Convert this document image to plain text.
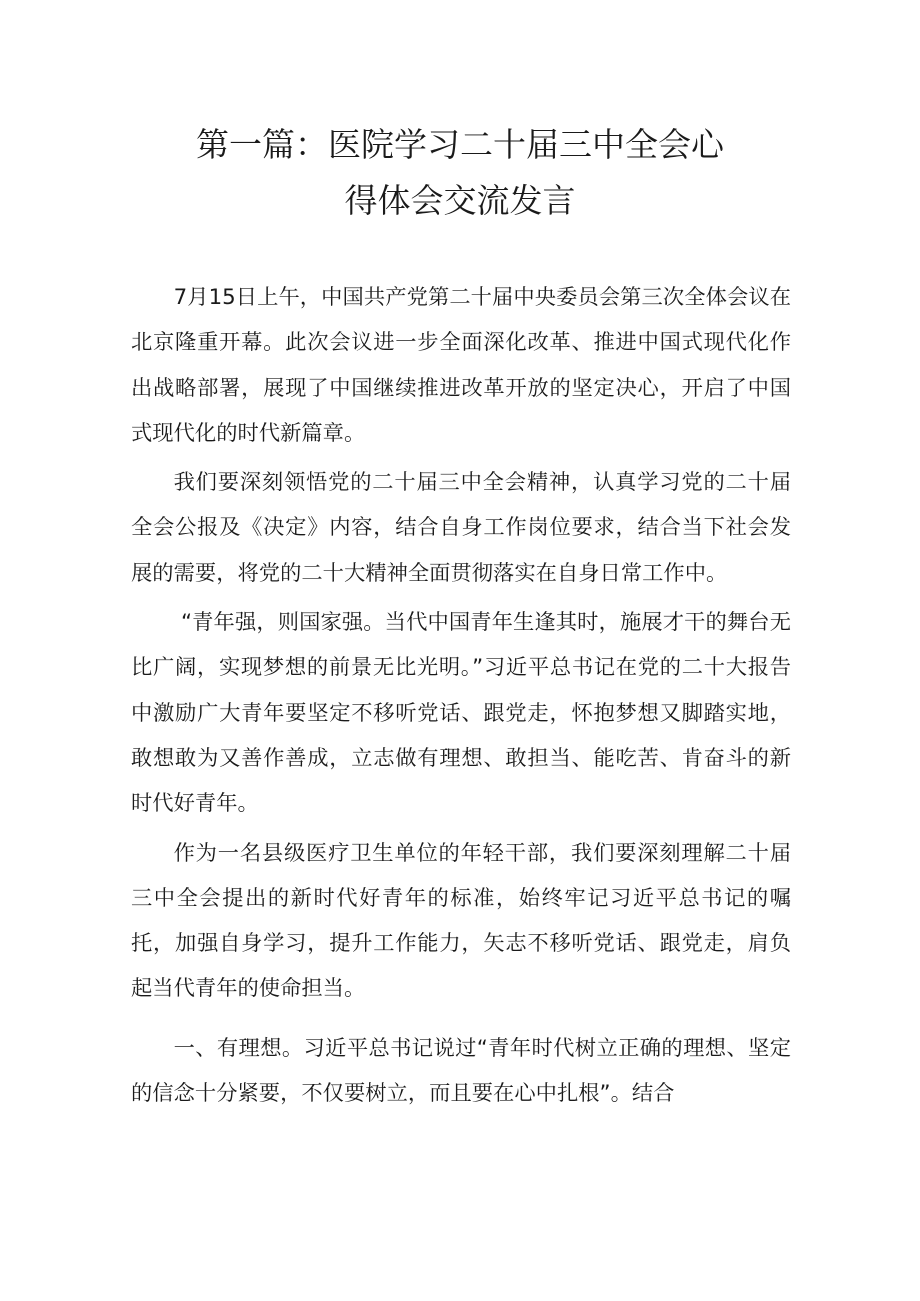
第一篇：医院学习二十届三中全会心
得体会交流发言

7月15日上午，中国共产党第二十届中央委员会第三次全体会议在北京隆重开幕。此次会议进一步全面深化改革、推进中国式现代化作出战略部署，展现了中国继续推进改革开放的坚定决心，开启了中国式现代化的时代新篇章。

我们要深刻领悟党的二十届三中全会精神，认真学习党的二十届全会公报及《决定》内容，结合自身工作岗位要求，结合当下社会发展的需要，将党的二十大精神全面贯彻落实在自身日常工作中。

“青年强，则国家强。当代中国青年生逢其时，施展才干的舞台无比广阔，实现梦想的前景无比光明。”习近平总书记在党的二十大报告中激励广大青年要坚定不移听党话、跟党走，怀抱梦想又脚踏实地，敢想敢为又善作善成，立志做有理想、敢担当、能吃苦、肯奋斗的新时代好青年。

作为一名县级医疗卫生单位的年轻干部，我们要深刻理解二十届三中全会提出的新时代好青年的标准，始终牢记习近平总书记的嘱托，加强自身学习，提升工作能力，矢志不移听党话、跟党走，肩负起当代青年的使命担当。

一、有理想。习近平总书记说过“青年时代树立正确的理想、坚定的信念十分紧要，不仅要树立，而且要在心中扎根”。结合
